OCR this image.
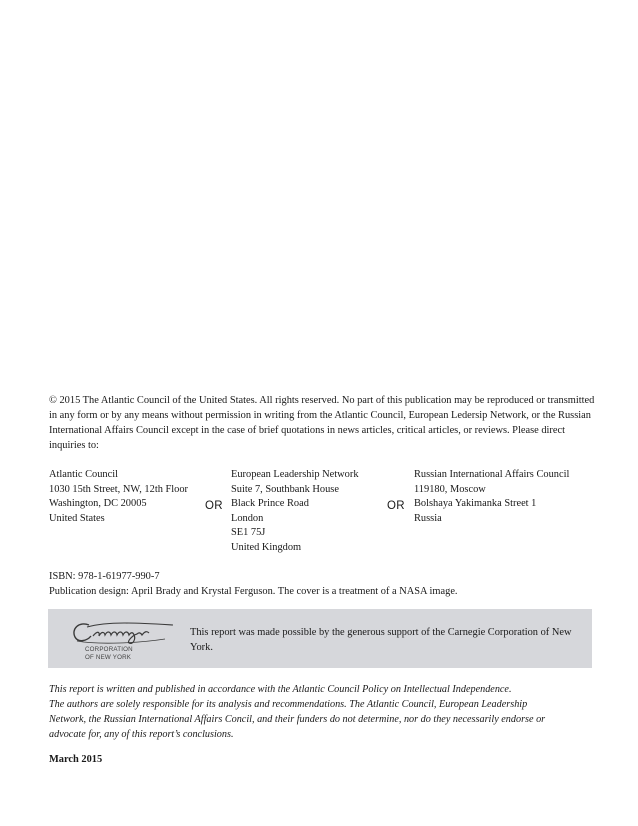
© 2015 The Atlantic Council of the United States. All rights reserved. No part of this publication may be reproduced or transmitted in any form or by any means without permission in writing from the Atlantic Council, European Ledersip Network, or the Russian International Affairs Council except in the case of brief quotations in news articles, critical articles, or reviews. Please direct inquiries to:

Atlantic Council
1030 15th Street, NW, 12th Floor
Washington, DC 20005
United States
OR
European Leadership Network
Suite 7, Southbank House
Black Prince Road
London
SE1 75J
United Kingdom
OR
Russian International Affairs Council
119180, Moscow
Bolshaya Yakimanka Street 1
Russia
ISBN: 978-1-61977-990-7
Publication design: April Brady and Krystal Ferguson. The cover is a treatment of a NASA image.
CORPORATION
OF NEW YORK
This report was made possible by the generous support of the Carnegie Corporation of New York.
This report is written and published in accordance with the Atlantic Council Policy on Intellectual Independence.
The authors are solely responsible for its analysis and recommendations. The Atlantic Council, European Leadership
Network, the Russian International Affairs Concil, and their funders do not determine, nor do they necessarily endorse or
advocate for, any of this report’s conclusions.
March 2015
